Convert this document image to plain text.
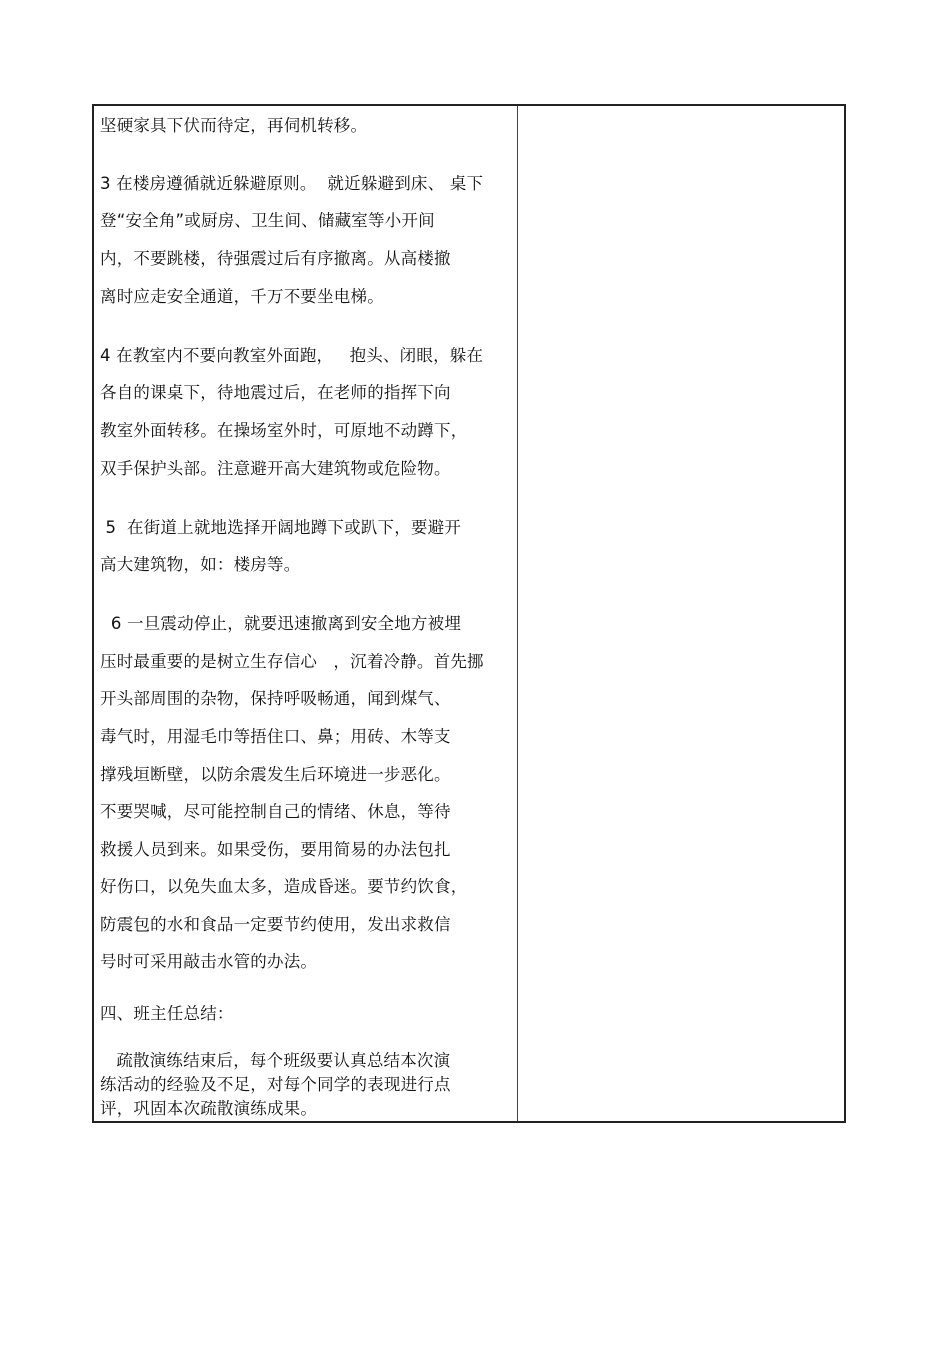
坚硬家具下伏而待定，再伺机转移。
3 在楼房遵循就近躲避原则。  就近躲避到床、 桌下
登“安全角”或厨房、卫生间、储藏室等小开间
内，不要跳楼，待强震过后有序撤离。从高楼撤
离时应走安全通道，千万不要坐电梯。
4 在教室内不要向教室外面跑，   抱头、闭眼，躲在
各自的课桌下，待地震过后，在老师的指挥下向
教室外面转移。在操场室外时，可原地不动蹲下，
双手保护头部。注意避开高大建筑物或危险物。
5  在街道上就地选择开阔地蹲下或趴下，要避开
高大建筑物，如：楼房等。
6 一旦震动停止，就要迅速撤离到安全地方被埋
压时最重要的是树立生存信心   ，沉着冷静。首先挪
开头部周围的杂物，保持呼吸畅通，闻到煤气、
毒气时，用湿毛巾等捂住口、鼻；用砖、木等支
撑残垣断壁，以防余震发生后环境进一步恶化。
不要哭喊，尽可能控制自己的情绪、休息，等待
救援人员到来。如果受伤，要用简易的办法包扎
好伤口，以免失血太多，造成昏迷。要节约饮食，
防震包的水和食品一定要节约使用，发出求救信
号时可采用敲击水管的办法。
四、班主任总结：
疏散演练结束后，每个班级要认真总结本次演
练活动的经验及不足，对每个同学的表现进行点
评，巩固本次疏散演练成果。
